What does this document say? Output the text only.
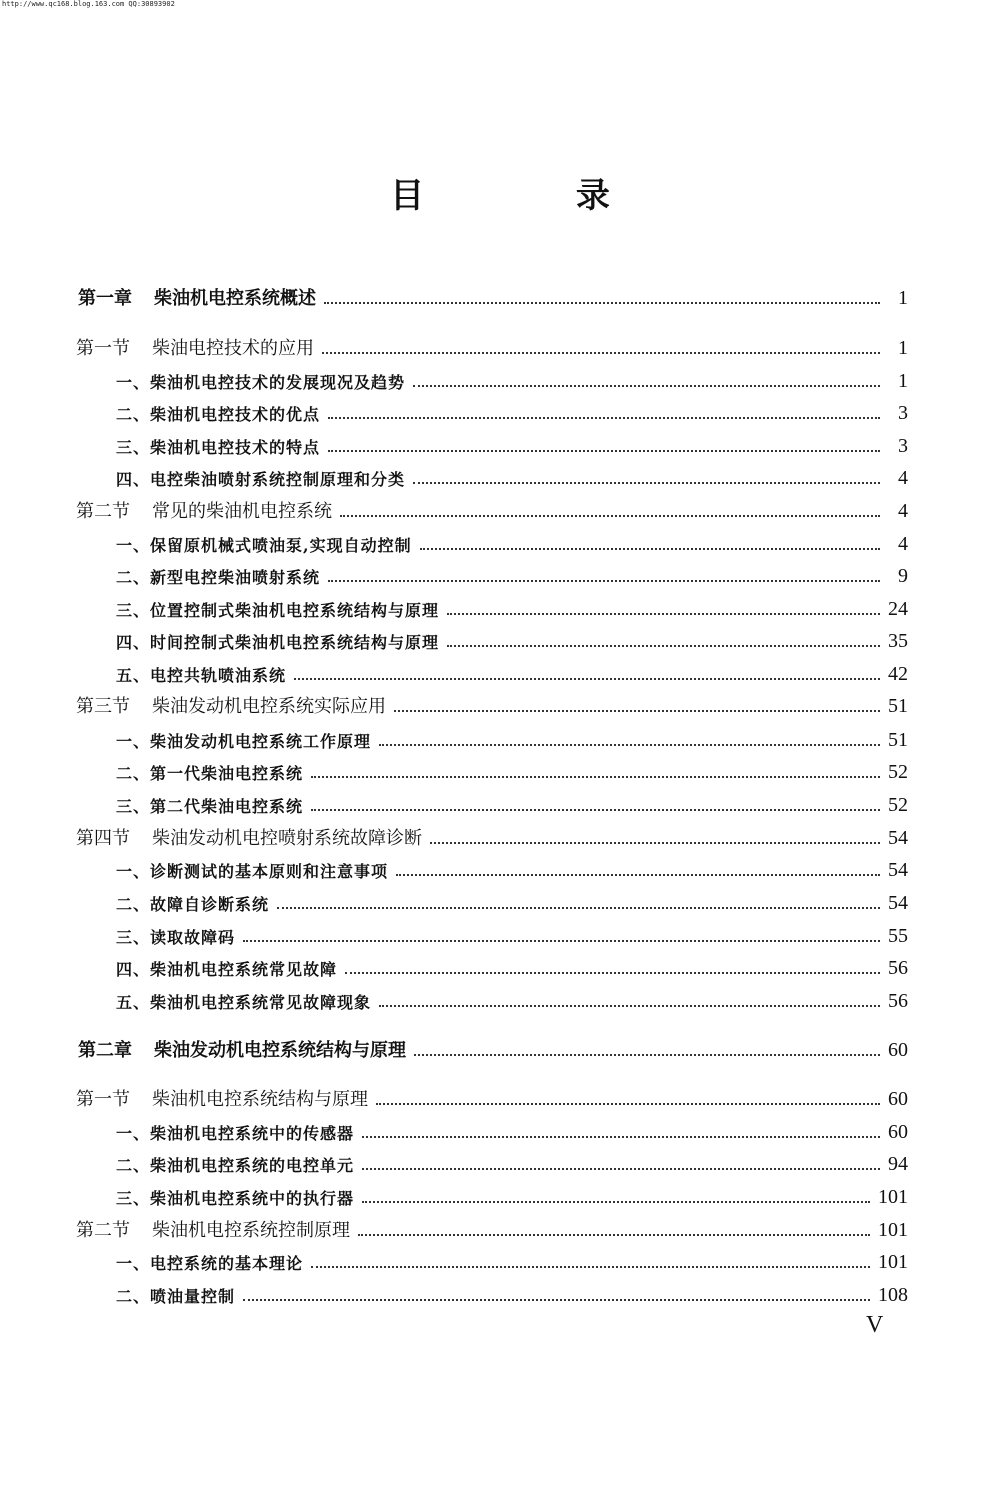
http://www.qc168.blog.163.com QQ:30893902
目 录
第一章 柴油机电控系统概述	1
第一节 柴油电控技术的应用	1
一、柴油机电控技术的发展现况及趋势	1
二、柴油机电控技术的优点	3
三、柴油机电控技术的特点	3
四、电控柴油喷射系统控制原理和分类	4
第二节 常见的柴油机电控系统	4
一、保留原机械式喷油泵,实现自动控制	4
二、新型电控柴油喷射系统	9
三、位置控制式柴油机电控系统结构与原理	24
四、时间控制式柴油机电控系统结构与原理	35
五、电控共轨喷油系统	42
第三节 柴油发动机电控系统实际应用	51
一、柴油发动机电控系统工作原理	51
二、第一代柴油电控系统	52
三、第二代柴油电控系统	52
第四节 柴油发动机电控喷射系统故障诊断	54
一、诊断测试的基本原则和注意事项	54
二、故障自诊断系统	54
三、读取故障码	55
四、柴油机电控系统常见故障	56
五、柴油机电控系统常见故障现象	56
第二章 柴油发动机电控系统结构与原理	60
第一节 柴油机电控系统结构与原理	60
一、柴油机电控系统中的传感器	60
二、柴油机电控系统的电控单元	94
三、柴油机电控系统中的执行器	101
第二节 柴油机电控系统控制原理	101
一、电控系统的基本理论	101
二、喷油量控制	108
V
